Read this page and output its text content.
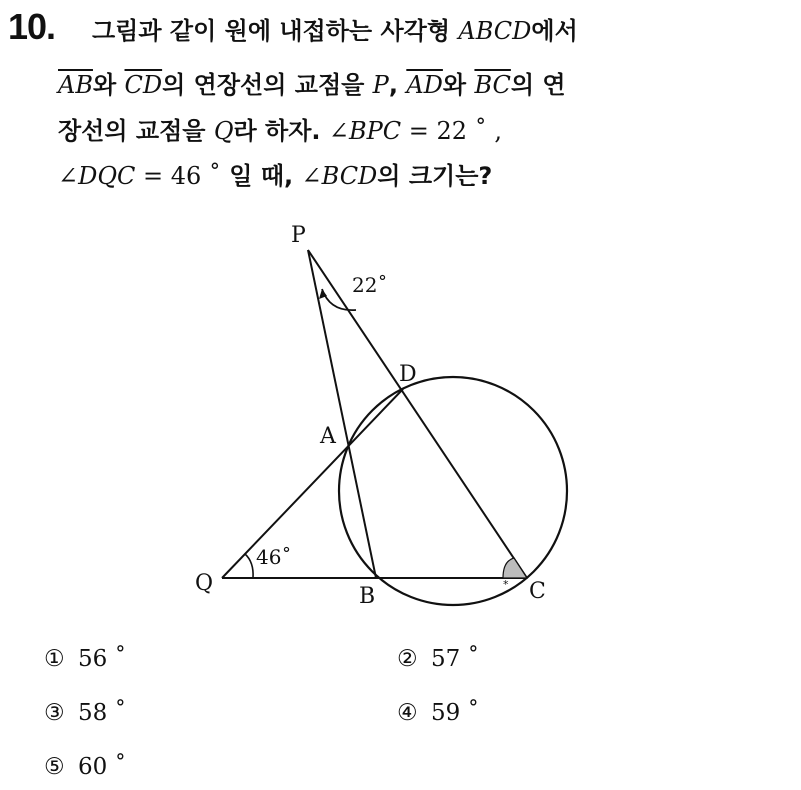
10. 그림과 같이 원에 내접하는 사각형 ABCD에서
$\overline{AB}$와 $\overline{CD}$의 연장선의 교점을 P, $\overline{AD}$와 $\overline{BC}$의 연
장선의 교점을 Q라 하자. ∠BPC = 22 ˚ ,
∠DQC = 46 ˚ 일 때, ∠BCD의 크기는?
P
D
A
Q
B	C
22˚
46˚
*
① 56 ˚	② 57 ˚
③ 58 ˚	④ 59 ˚
⑤ 60 ˚
